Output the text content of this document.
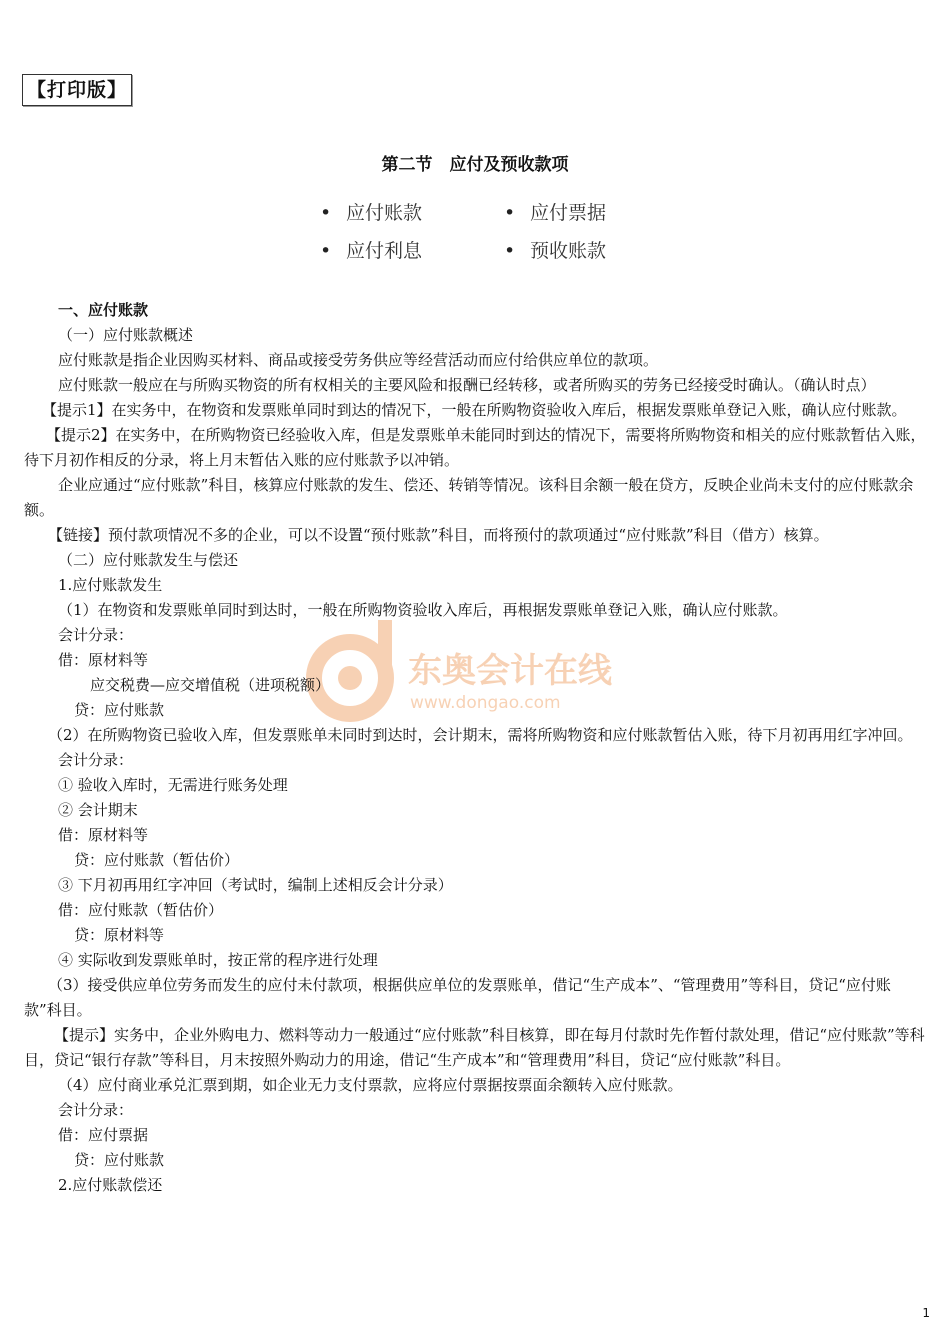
【打印版】
第二节　应付及预收款项
• 应付账款	• 应付票据
• 应付利息	• 预收账款
东奥会计在线
www.dongao.com

一、应付账款

（一）应付账款概述

应付账款是指企业因购买材料、商品或接受劳务供应等经营活动而应付给供应单位的款项。

应付账款一般应在与所购买物资的所有权相关的主要风险和报酬已经转移，或者所购买的劳务已经接受时确认。（确认时点）

【提示1】在实务中，在物资和发票账单同时到达的情况下，一般在所购物资验收入库后，根据发票账单登记入账，确认应付账款。

【提示2】在实务中，在所购物资已经验收入库，但是发票账单未能同时到达的情况下，需要将所购物资和相关的应付账款暂估入账，待下月初作相反的分录，将上月末暂估入账的应付账款予以冲销。

企业应通过“应付账款”科目，核算应付账款的发生、偿还、转销等情况。该科目余额一般在贷方，反映企业尚未支付的应付账款余额。

【链接】预付款项情况不多的企业，可以不设置“预付账款”科目，而将预付的款项通过“应付账款”科目（借方）核算。

（二）应付账款发生与偿还

1.应付账款发生

（1）在物资和发票账单同时到达时，一般在所购物资验收入库后，再根据发票账单登记入账，确认应付账款。

会计分录：

借：原材料等

应交税费—应交增值税（进项税额）

贷：应付账款

（2）在所购物资已验收入库，但发票账单未同时到达时，会计期末，需将所购物资和应付账款暂估入账，待下月初再用红字冲回。

会计分录：

① 验收入库时，无需进行账务处理

② 会计期末

借：原材料等

贷：应付账款（暂估价）

③ 下月初再用红字冲回（考试时，编制上述相反会计分录）

借：应付账款（暂估价）

贷：原材料等

④ 实际收到发票账单时，按正常的程序进行处理

（3）接受供应单位劳务而发生的应付未付款项，根据供应单位的发票账单，借记“生产成本”、“管理费用”等科目，贷记“应付账款”科目。

【提示】实务中，企业外购电力、燃料等动力一般通过“应付账款”科目核算，即在每月付款时先作暂付款处理，借记“应付账款”等科目，贷记“银行存款”等科目，月末按照外购动力的用途，借记“生产成本”和“管理费用”科目，贷记“应付账款”科目。

（4）应付商业承兑汇票到期，如企业无力支付票款，应将应付票据按票面余额转入应付账款。

会计分录：

借：应付票据

贷：应付账款

2.应付账款偿还

1
